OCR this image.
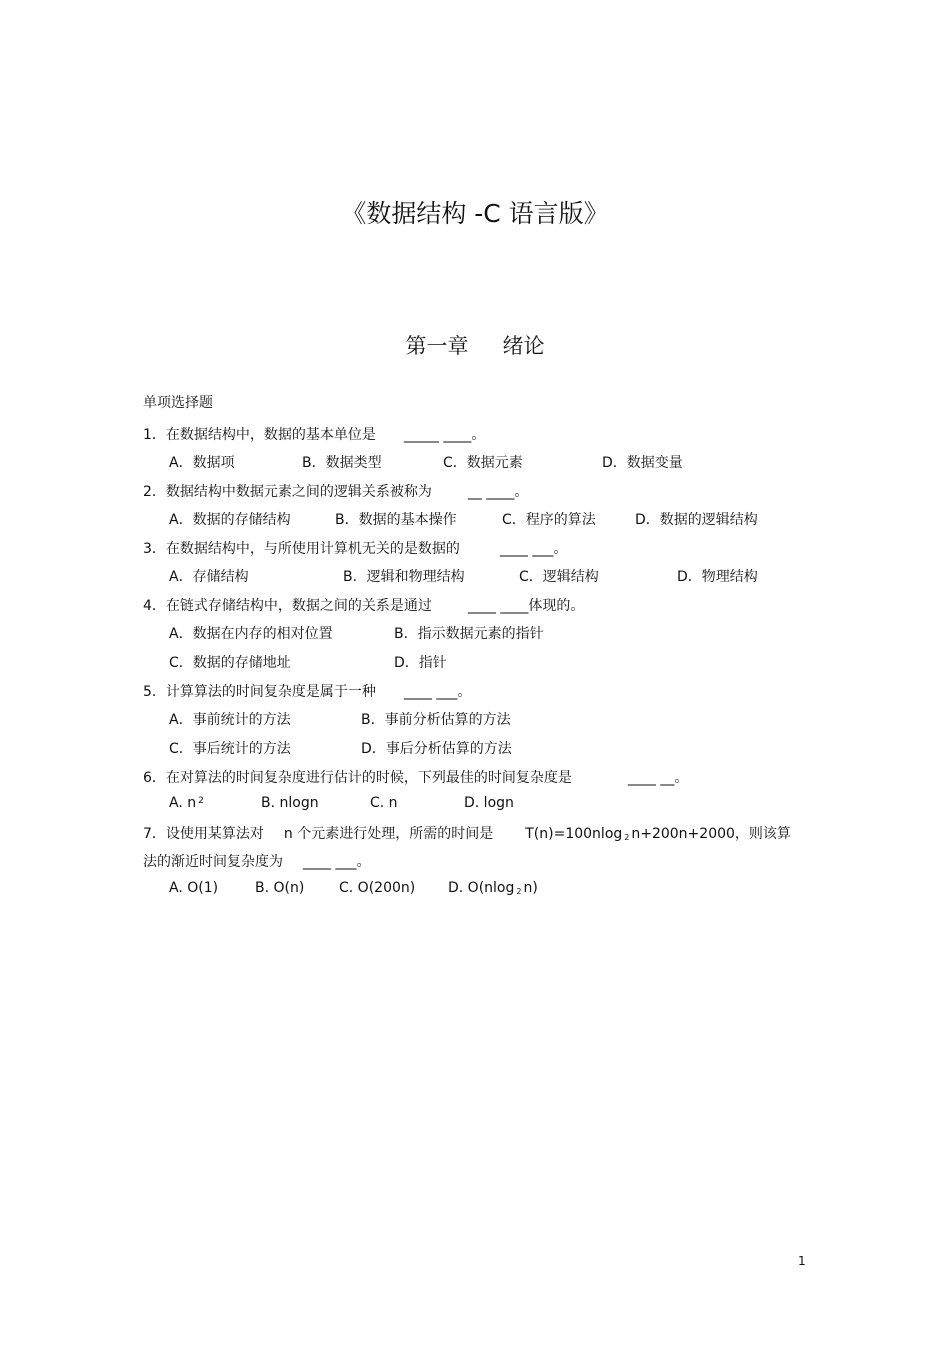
《数据结构 -C 语言版》
第一章 绪论
单项选择题
1．在数据结构中，数据的基本单位是 _____ ____。
A．数据项	B．数据类型	C．数据元素	D．数据变量
2．数据结构中数据元素之间的逻辑关系被称为	__ ____。
A．数据的存储结构	B．数据的基本操作	C．程序的算法	D．数据的逻辑结构
3．在数据结构中，与所使用计算机无关的是数据的	____ ___。
A．存储结构	B．逻辑和物理结构	C．逻辑结构	D．物理结构
4．在链式存储结构中，数据之间的关系是通过	____ ____体现的。
A．数据在内存的相对位置	B．指示数据元素的指针
C．数据的存储地址	D．指针
5．计算算法的时间复杂度是属于一种 ____ ___。
A．事前统计的方法	B．事前分析估算的方法
C．事后统计的方法	D．事后分析估算的方法
6．在对算法的时间复杂度进行估计的时候，下列最佳的时间复杂度是	____ __。
A. n $^2$	B. nlogn	C. n	D. logn
7．设使用某算法对 n 个元素进行处理，所需的时间是 T(n)=100nlog $_2$ n+200n+2000，则该算
法的渐近时间复杂度为 ____ ___。
A. O(1)	B. O(n) C. O(200n) D. O(nlog $_2$ n)
1
